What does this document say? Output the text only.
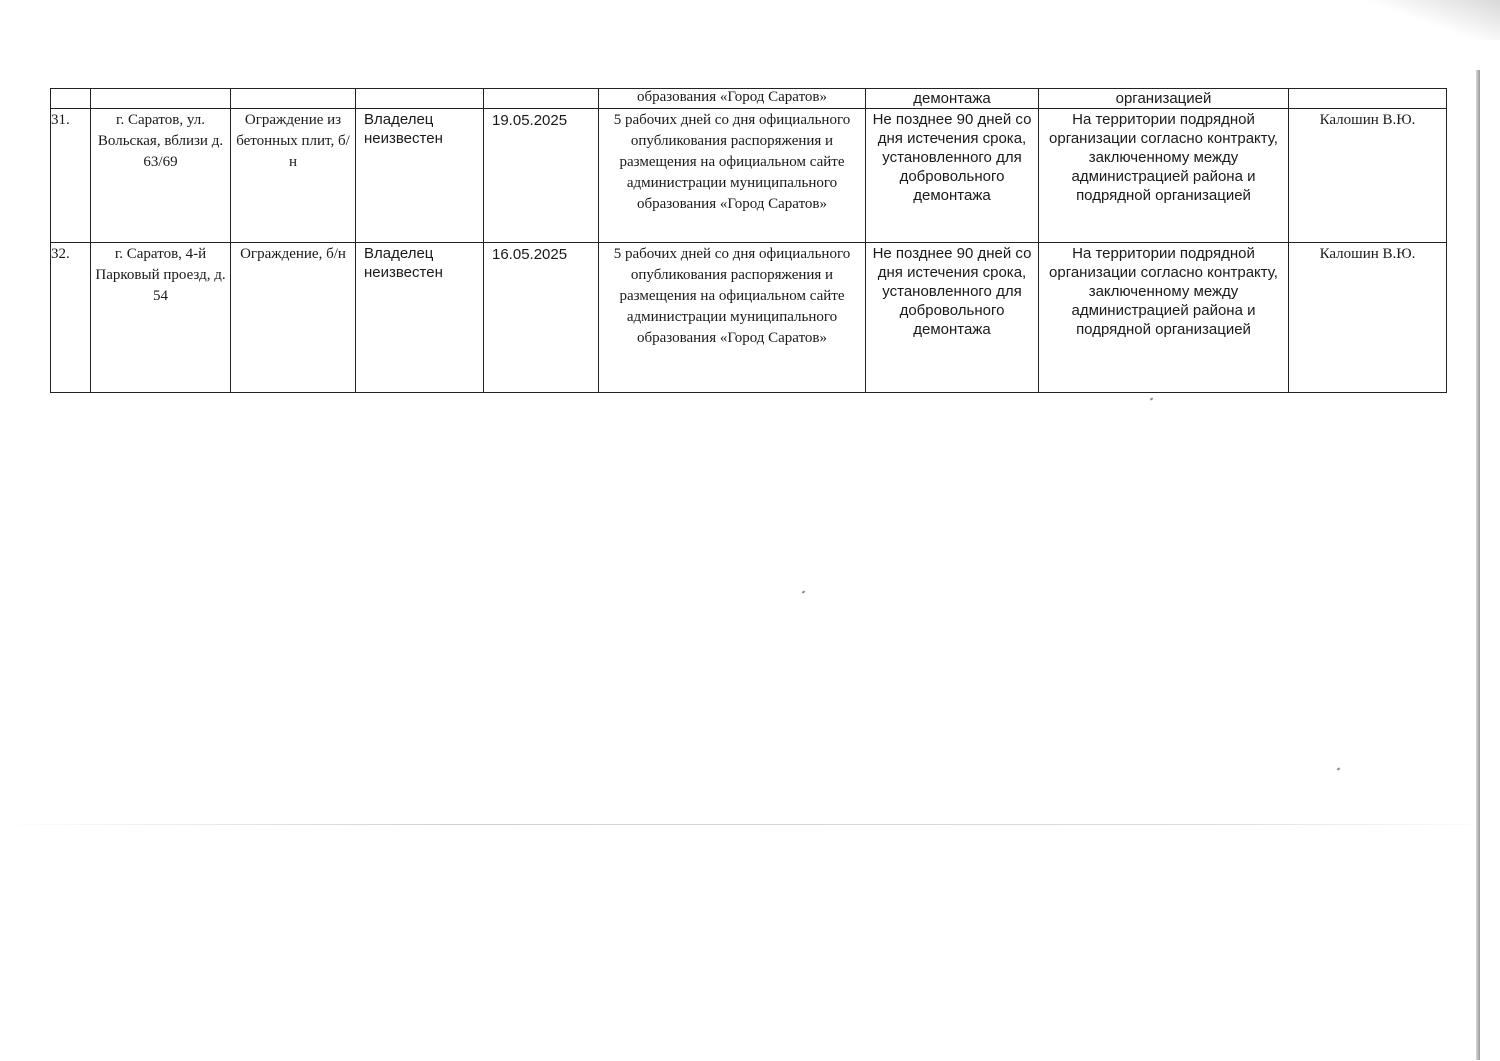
					образования «Город Саратов»	демонтажа	организацией	
31.	г. Саратов, ул. Вольская, вблизи д. 63/69	Ограждение из бетонных плит, б/н	Владелец неизвестен	19.05.2025	5 рабочих дней со дня официального опубликования распоряжения и размещения на официальном сайте администрации муниципального образования «Город Саратов»	Не позднее 90 дней со дня истечения срока, установленного для добровольного демонтажа	На территории подрядной организации согласно контракту, заключенному между администрацией района и подрядной организацией	Калошин В.Ю.
32.	г. Саратов, 4-й Парковый проезд, д. 54	Ограждение, б/н	Владелец неизвестен	16.05.2025	5 рабочих дней со дня официального опубликования распоряжения и размещения на официальном сайте администрации муниципального образования «Город Саратов»	Не позднее 90 дней со дня истечения срока, установленного для добровольного демонтажа	На территории подрядной организации согласно контракту, заключенному между администрацией района и подрядной организацией	Калошин В.Ю.
